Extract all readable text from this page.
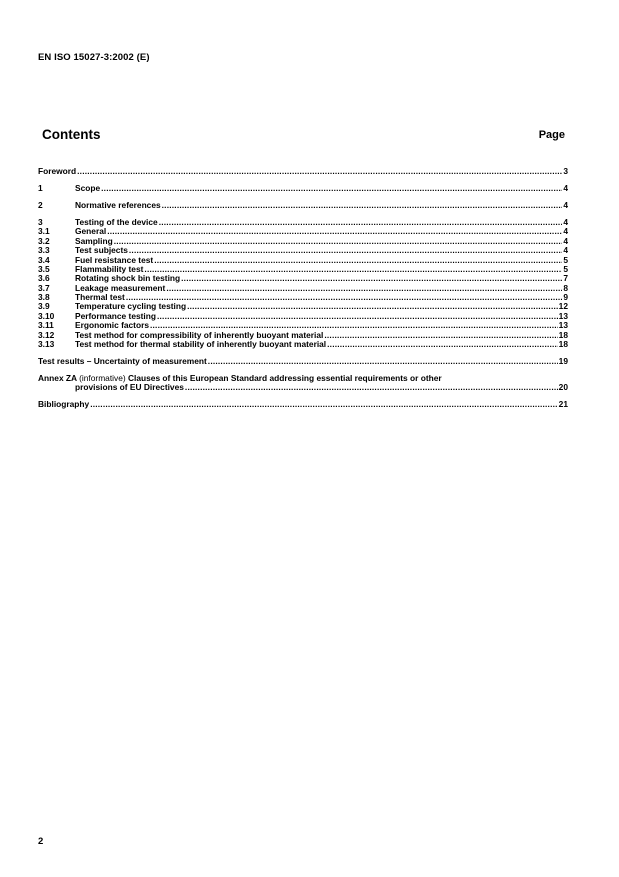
EN ISO 15027-3:2002 (E)
Contents	Page
Foreword .....	3
1	Scope .....	4
2	Normative references .....	4
3	Testing of the device .....	4
3.1	General .....	4
3.2	Sampling .....	4
3.3	Test subjects .....	4
3.4	Fuel resistance test .....	5
3.5	Flammability test .....	5
3.6	Rotating shock bin testing .....	7
3.7	Leakage measurement .....	8
3.8	Thermal test .....	9
3.9	Temperature cycling testing .....	12
3.10	Performance testing .....	13
3.11	Ergonomic factors .....	13
3.12	Test method for compressibility of inherently buoyant material .....	18
3.13	Test method for thermal stability of inherently buoyant material .....	18
Test results – Uncertainty of measurement .....	19
Annex ZA (informative) Clauses of this European Standard addressing essential requirements or other
provisions of EU Directives .....	20
Bibliography .....	21
2
